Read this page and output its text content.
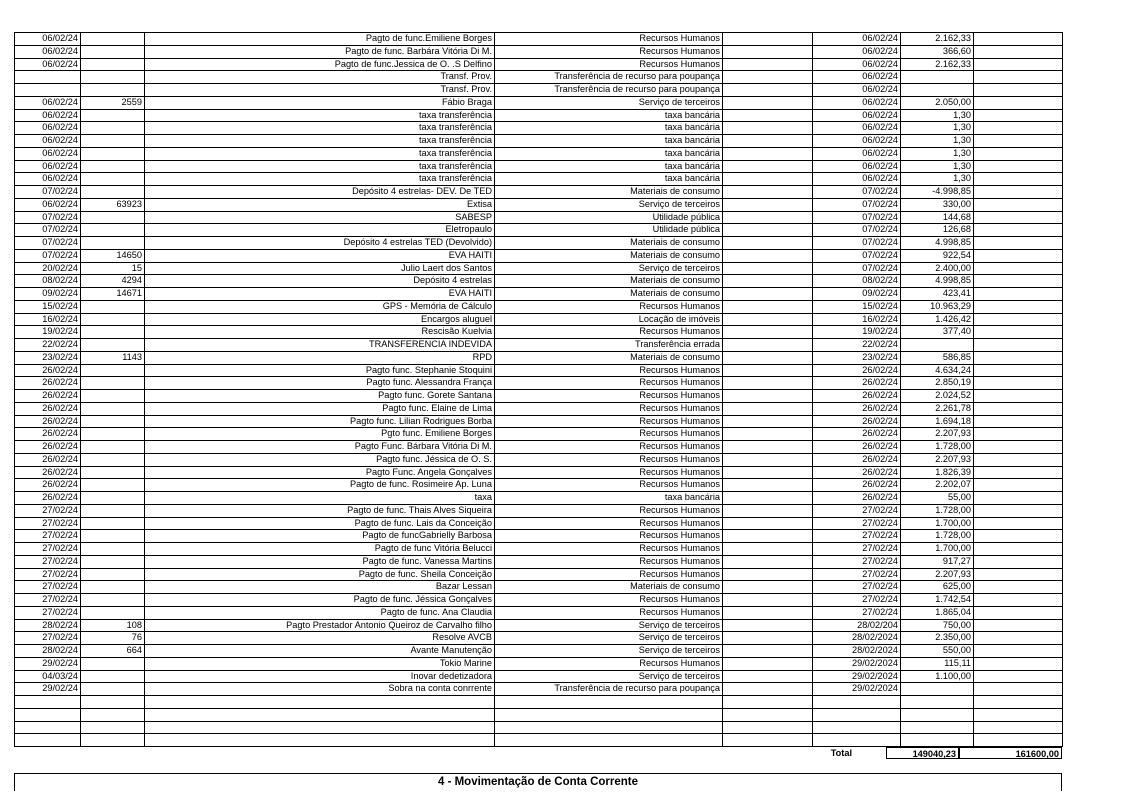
06/02/24		Pagto de func.Emiliene Borges	Recursos Humanos		06/02/24	2.162,33	
06/02/24		Pagto de func. Barbára Vitória Di M.	Recursos Humanos		06/02/24	366,60	
06/02/24		Pagto de func.Jessica de O. .S Delfino	Recursos Humanos		06/02/24	2.162,33	
		Transf. Prov.	Transferência de recurso para poupança		06/02/24		
		Transf. Prov.	Transferência de recurso para poupança		06/02/24		
06/02/24	2559	Fábio Braga	Serviço de terceiros		06/02/24	2.050,00	
06/02/24		taxa transferência	taxa bancária		06/02/24	1,30	
06/02/24		taxa transferência	taxa bancária		06/02/24	1,30	
06/02/24		taxa transferência	taxa bancária		06/02/24	1,30	
06/02/24		taxa transferência	taxa bancária		06/02/24	1,30	
06/02/24		taxa transferência	taxa bancária		06/02/24	1,30	
06/02/24		taxa transferência	taxa bancária		06/02/24	1,30	
07/02/24		Depósito 4 estrelas- DEV. De TED	Materiais de consumo		07/02/24	-4.998,85	
06/02/24	63923	Extisa	Serviço de terceiros		07/02/24	330,00	
07/02/24		SABESP	Utilidade pública		07/02/24	144,68	
07/02/24		Eletropaulo	Utilidade pública		07/02/24	126,68	
07/02/24		Depósito 4 estrelas TED (Devolvido)	Materiais de consumo		07/02/24	4.998,85	
07/02/24	14650	EVA HAITI	Materiais de consumo		07/02/24	922,54	
20/02/24	15	Julio Laert dos Santos	Serviço de terceiros		07/02/24	2.400,00	
08/02/24	4294	Depósito 4 estrelas	Materiais de consumo		08/02/24	4.998,85	
09/02/24	14671	EVA HAITI	Materiais de consumo		09/02/24	423,41	
15/02/24		GPS - Memória de Cálculo	Recursos Humanos		15/02/24	10.963,29	
16/02/24		Encargos aluguel	Locação de imóveis		16/02/24	1.426,42	
19/02/24		Rescisão Kuelvia	Recursos Humanos		19/02/24	377,40	
22/02/24		TRANSFERENCIA INDEVIDA	Transferência errada		22/02/24		
23/02/24	1143	RPD	Materiais de consumo		23/02/24	586,85	
26/02/24		Pagto func. Stephanie Stoquini	Recursos Humanos		26/02/24	4.634,24	
26/02/24		Pagto func. Alessandra França	Recursos Humanos		26/02/24	2.850,19	
26/02/24		Pagto func. Gorete Santana	Recursos Humanos		26/02/24	2.024,52	
26/02/24		Pagto func. Elaine de Lima	Recursos Humanos		26/02/24	2.261,78	
26/02/24		Pagto func. Lilian Rodrigues Borba	Recursos Humanos		26/02/24	1.694,18	
26/02/24		Pgto func. Emiliene Borges	Recursos Humanos		26/02/24	2.207,93	
26/02/24		Pagto Func. Bárbara Vitória Di M.	Recursos Humanos		26/02/24	1.728,00	
26/02/24		Pagto func. Jéssica de O. S.	Recursos Humanos		26/02/24	2.207,93	
26/02/24		Pagto Func. Angela Gonçalves	Recursos Humanos		26/02/24	1.826,39	
26/02/24		Pagto de func. Rosimeire Ap. Luna	Recursos Humanos		26/02/24	2.202,07	
26/02/24		taxa	taxa bancária		26/02/24	55,00	
27/02/24		Pagto de func. Thais Alves Siqueira	Recursos Humanos		27/02/24	1.728,00	
27/02/24		Pagto de func. Lais da Conceição	Recursos Humanos		27/02/24	1.700,00	
27/02/24		Pagto de funcGabrielly Barbosa	Recursos Humanos		27/02/24	1.728,00	
27/02/24		Pagto de func Vitória Belucci	Recursos Humanos		27/02/24	1.700,00	
27/02/24		Pagto de func. Vanessa Martins	Recursos Humanos		27/02/24	917,27	
27/02/24		Pagto de func. Sheila Conceição	Recursos Humanos		27/02/24	2.207,93	
27/02/24		Bazar Lessan	Materiais de consumo		27/02/24	625,00	
27/02/24		Pagto de func. Jéssica Gonçalves	Recursos Humanos		27/02/24	1.742,54	
27/02/24		Pagto de func. Ana Claudia	Recursos Humanos		27/02/24	1.865,04	
28/02/24	108	Pagto Prestador Antonio Queiroz de Carvalho filho	Serviço de terceiros		28/02/204	750,00	
27/02/24	76	Resolve AVCB	Serviço de terceiros		28/02/2024	2.350,00	
28/02/24	664	Avante Manutenção	Serviço de terceiros		28/02/2024	550,00	
29/02/24		Tokio Marine	Recursos Humanos		29/02/2024	115,11	
04/03/24		Inovar dedetizadora	Serviço de terceiros		29/02/2024	1.100,00	
29/02/24		Sobra na conta conrrente	Transferência de recurso para poupança		29/02/2024		

Total	149040,23	161600,00
4 - Movimentação de Conta Corrente
